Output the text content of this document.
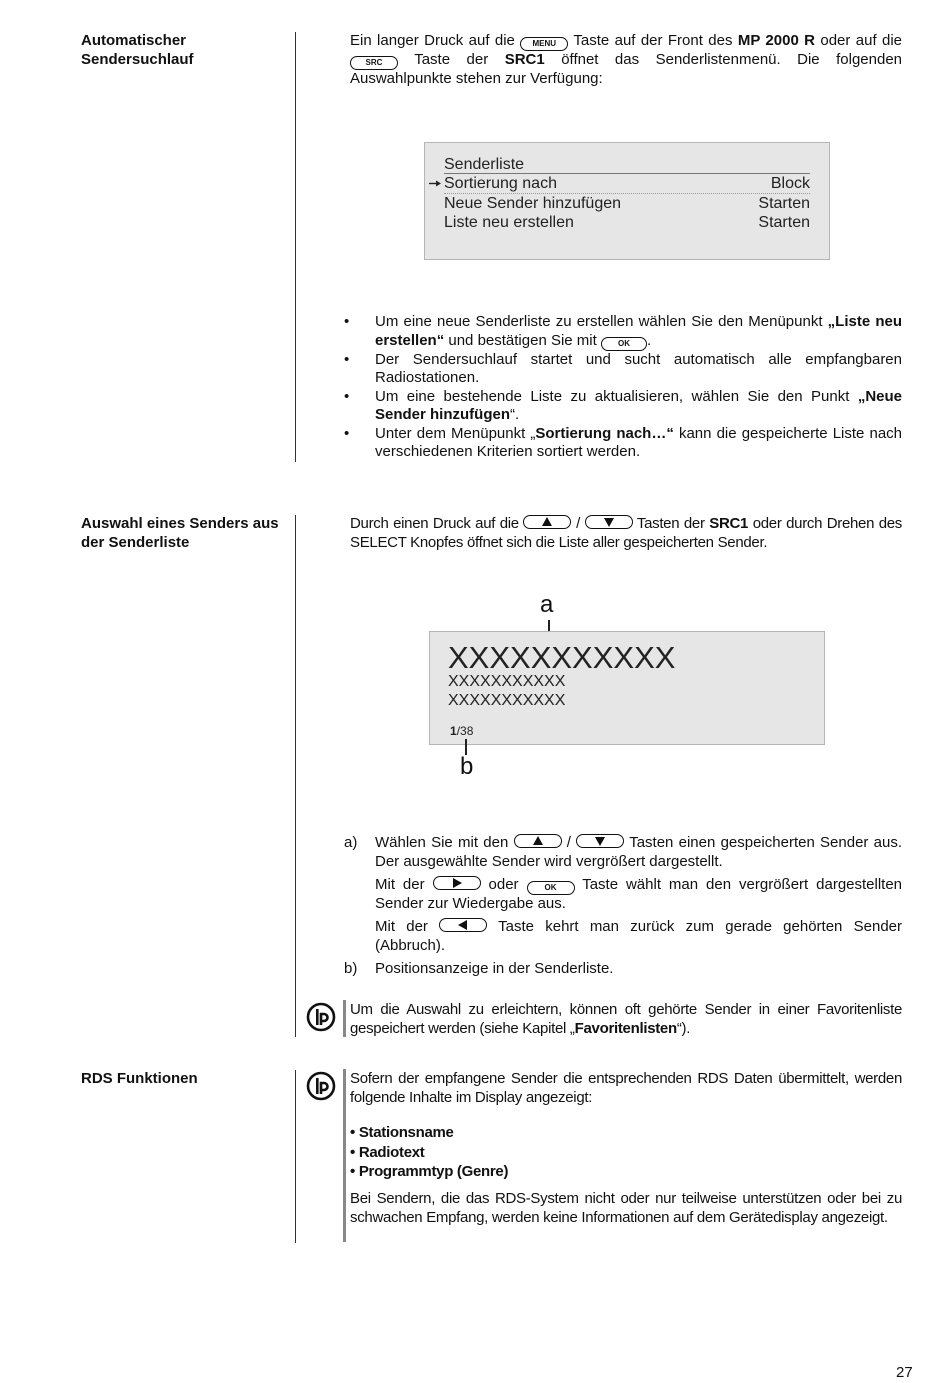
Automatischer
Sendersuchlauf
Ein langer Druck auf die MENU Taste auf der Front des MP 2000 R oder auf die SRC Taste der SRC1 öffnet das Senderlistenmenü. Die folgenden Auswahlpunkte stehen zur Verfügung:
Senderliste
Sortierung nach	Block
Neue Sender hinzufügen	Starten
Liste neu erstellen	Starten
• Um eine neue Senderliste zu erstellen wählen Sie den Menüpunkt „Liste neu erstellen“ und bestätigen Sie mit	OK .
• Der Sendersuchlauf startet und sucht automatisch alle empfangbaren Radiostationen.
• Um eine bestehende Liste zu aktualisieren, wählen Sie den Punkt „Neue Sender hinzufügen“.
• Unter dem Menüpunkt „Sortierung nach…“ kann die gespeicherte Liste nach verschiedenen Kriterien sortiert werden.
Auswahl eines Senders aus
der Senderliste
Durch einen Druck auf die	/	Tasten der SRC1 oder durch Drehen des SELECT Knopfes öffnet sich die Liste aller gespeicherten Sender.
a
XXXXXXXXXXX
XXXXXXXXXXX
XXXXXXXXXXX
1/38
b
a) Wählen Sie mit den	/	Tasten einen gespeicherten Sender aus. Der ausgewählte Sender wird vergrößert dargestellt.
Mit der	oder	OK Taste wählt man den vergrößert dargestellten Sender zur Wiedergabe aus.
Mit der	Taste kehrt man zurück zum gerade gehörten Sender (Abbruch).
b) Positionsanzeige in der Senderliste.
Um die Auswahl zu erleichtern, können oft gehörte Sender in einer Favoritenliste gespeichert werden (siehe Kapitel „Favoritenlisten“).
RDS Funktionen	Sofern der empfangene Sender die entsprechenden RDS Daten übermittelt, werden folgende Inhalte im Display angezeigt:
• Stationsname
• Radiotext
• Programmtyp (Genre)
Bei Sendern, die das RDS-System nicht oder nur teilweise unterstützen oder bei zu schwachen Empfang, werden keine Informationen auf dem Gerätedisplay angezeigt.
27
